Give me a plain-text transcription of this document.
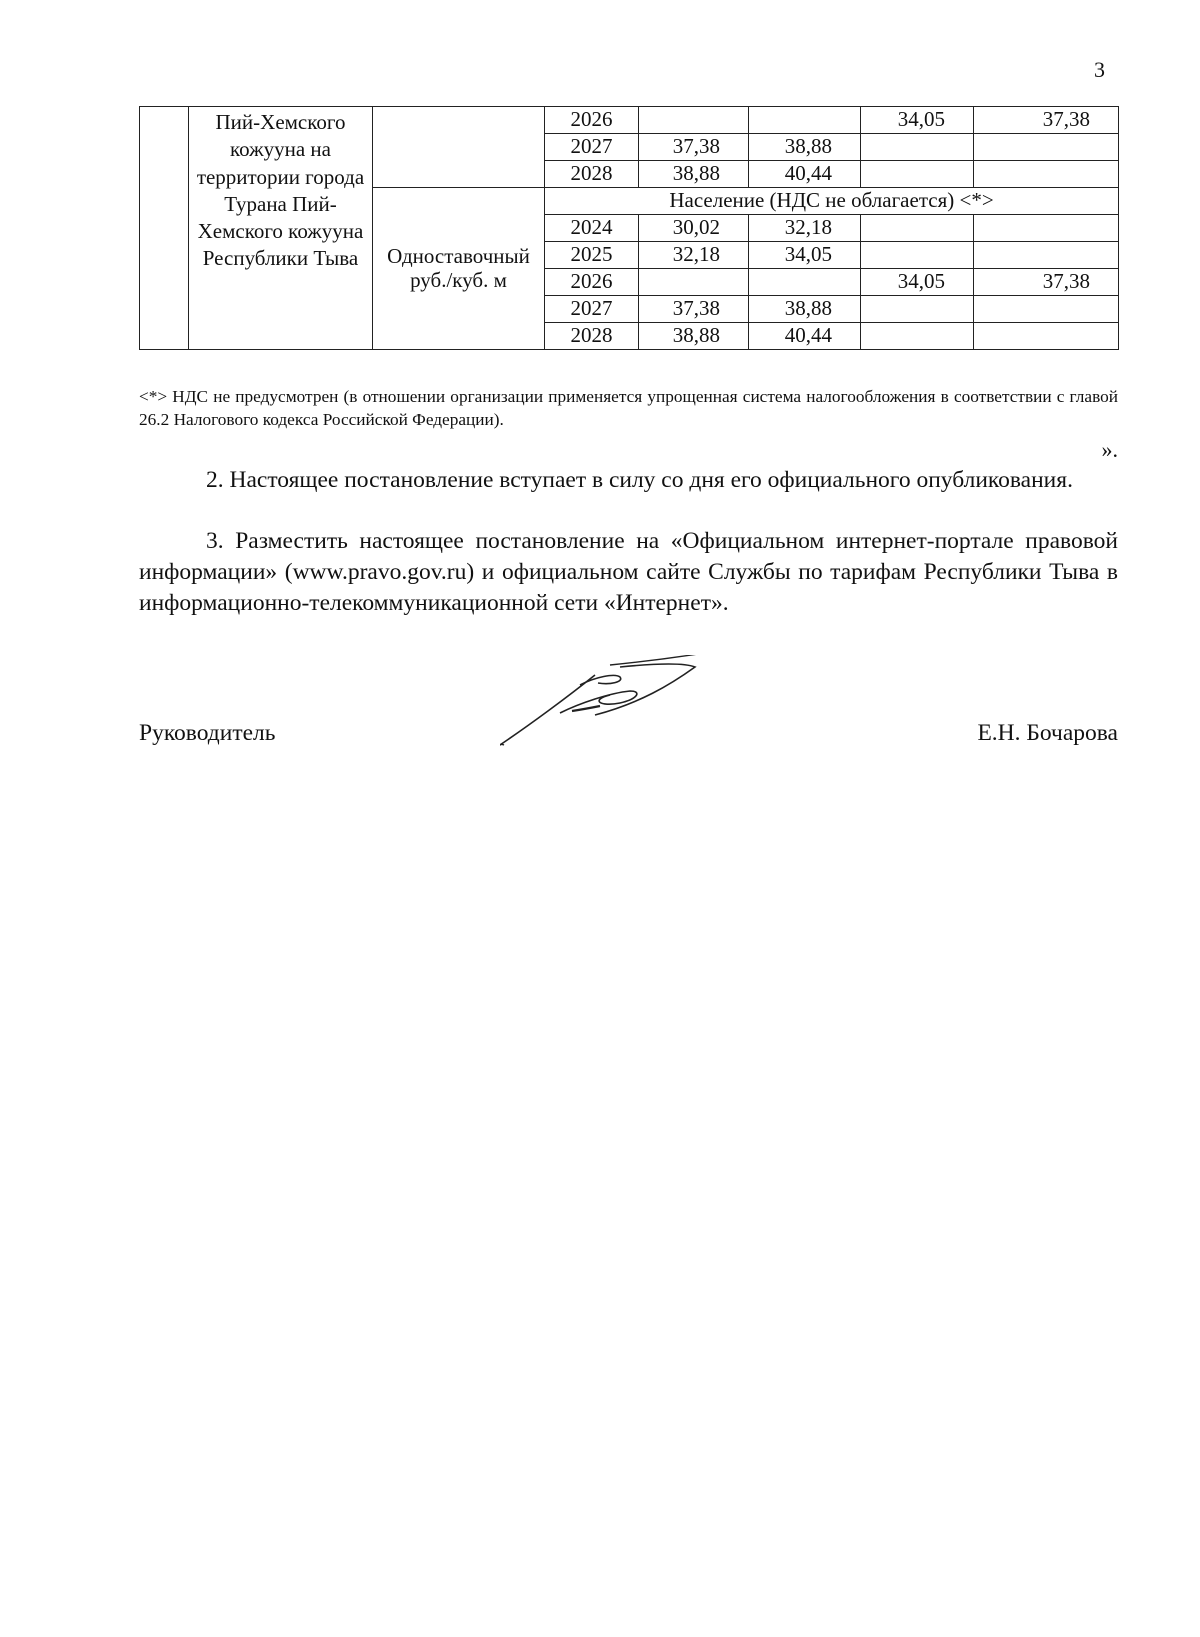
3
	Пий-Хемского кожууна на территории города Турана Пий-Хемского кожууна Республики Тыва		2026			34,05	37,38
			2027	37,38	38,88		
			2028	38,88	40,44		
		Одноставочный руб./куб. м	Население (НДС не облагается) <*>				
			2024	30,02	32,18		
			2025	32,18	34,05		
			2026			34,05	37,38
			2027	37,38	38,88		
			2028	38,88	40,44		
<*> НДС не предусмотрен (в отношении организации применяется упрощенная система налогообложения в соответствии с главой 26.2 Налогового кодекса Российской Федерации).
».
2. Настоящее постановление вступает в силу со дня его официального опубликования.
3. Разместить настоящее постановление на «Официальном интернет-портале правовой информации» (www.pravo.gov.ru) и официальном сайте Службы по тарифам Республики Тыва в информационно-телекоммуникационной сети «Интернет».
Руководитель	Е.Н. Бочарова
